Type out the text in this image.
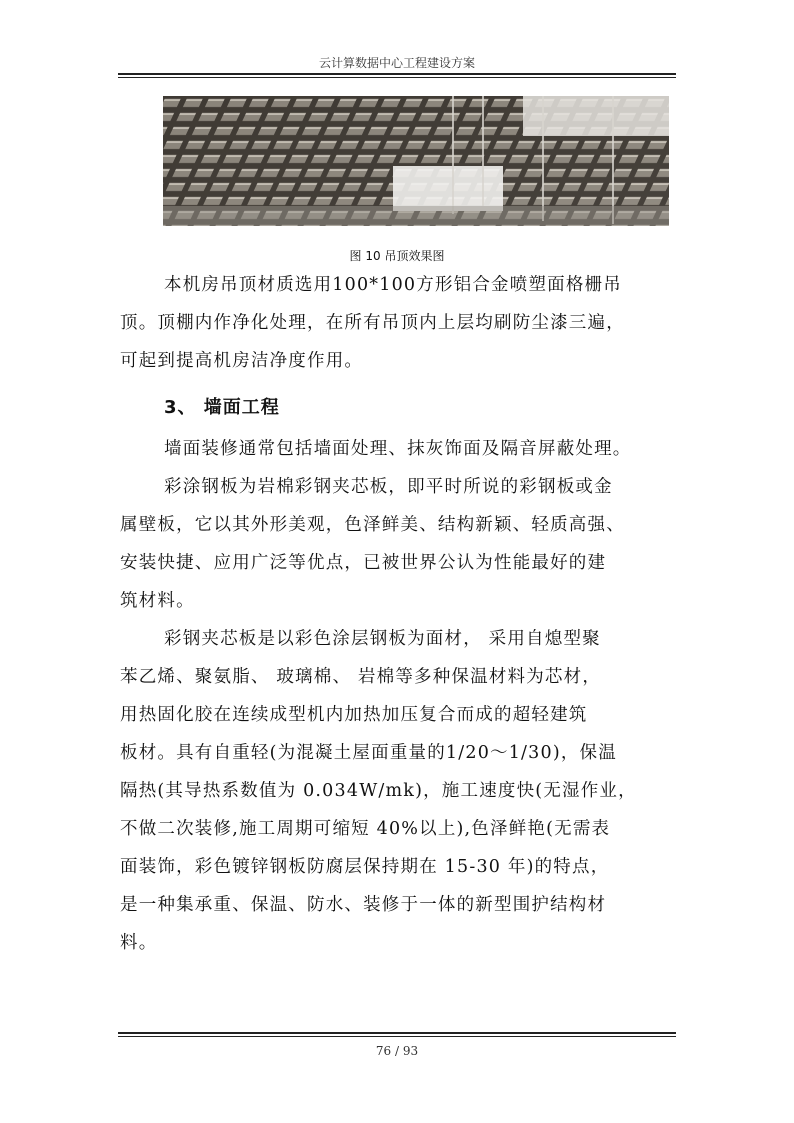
云计算数据中心工程建设方案
图 10 吊顶效果图

本机房吊顶材质选用100*100方形铝合金喷塑面格栅吊

顶。顶棚内作净化处理，在所有吊顶内上层均刷防尘漆三遍，

可起到提高机房洁净度作用。

3、 墙面工程

墙面装修通常包括墙面处理、抹灰饰面及隔音屏蔽处理。

彩涂钢板为岩棉彩钢夹芯板，即平时所说的彩钢板或金

属壁板，它以其外形美观，色泽鲜美、结构新颖、轻质高强、

安装快捷、应用广泛等优点，已被世界公认为性能最好的建

筑材料。

彩钢夹芯板是以彩色涂层钢板为面材， 采用自熄型聚

苯乙烯、聚氨脂、 玻璃棉、 岩棉等多种保温材料为芯材，

用热固化胶在连续成型机内加热加压复合而成的超轻建筑

板材。具有自重轻(为混凝土屋面重量的1/20～1/30)，保温

隔热(其导热系数值为 0.034W/mk)，施工速度快(无湿作业，

不做二次装修,施工周期可缩短 40%以上),色泽鲜艳(无需表

面装饰，彩色镀锌钢板防腐层保持期在 15-30 年)的特点，

是一种集承重、保温、防水、装修于一体的新型围护结构材

料。

76 / 93
